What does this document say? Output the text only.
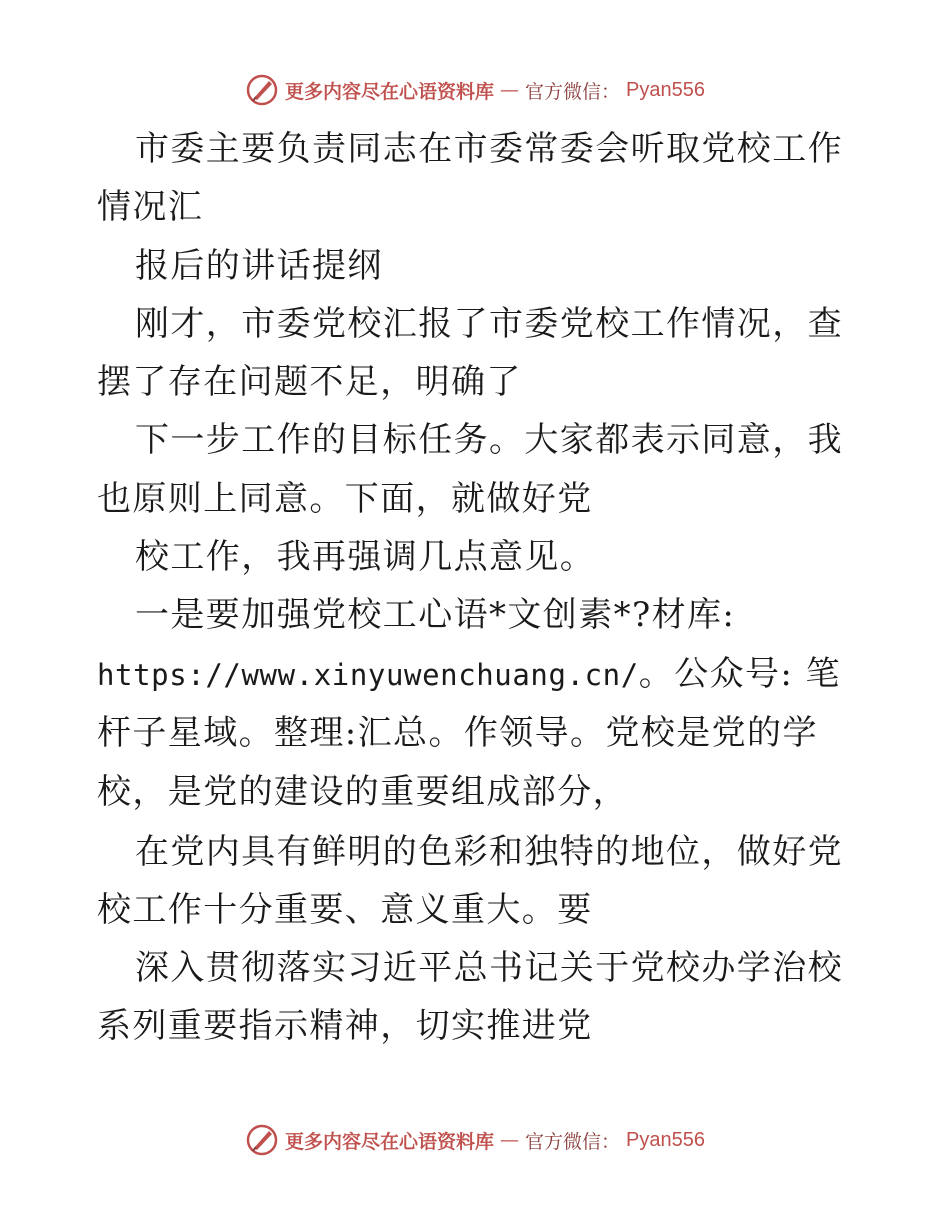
更多内容尽在心语资料库 — 官方微信： Pyan556

市委主要负责同志在市委常委会听取党校工作情况汇

报后的讲话提纲

刚才，市委党校汇报了市委党校工作情况，查摆了存在问题不足，明确了

下一步工作的目标任务。大家都表示同意，我也原则上同意。下面，就做好党

校工作，我再强调几点意见。

一是要加强党校工心语*文创素*?材库:

https://www.xinyuwenchuang.cn/。公众号: 笔杆子星域。整理:汇总。作领导。党校是党的学校，是党的建设的重要组成部分，

在党内具有鲜明的色彩和独特的地位，做好党校工作十分重要、意义重大。要

深入贯彻落实习近平总书记关于党校办学治校系列重要指示精神，切实推进党

更多内容尽在心语资料库 — 官方微信： Pyan556
